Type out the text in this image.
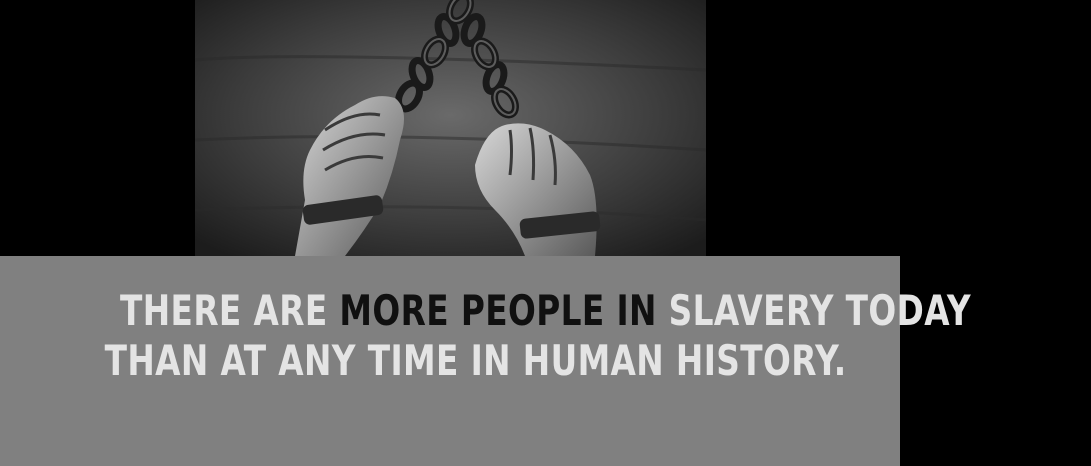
THERE ARE MORE PEOPLE IN SLAVERY TODAY
THAN AT ANY TIME IN HUMAN HISTORY.
